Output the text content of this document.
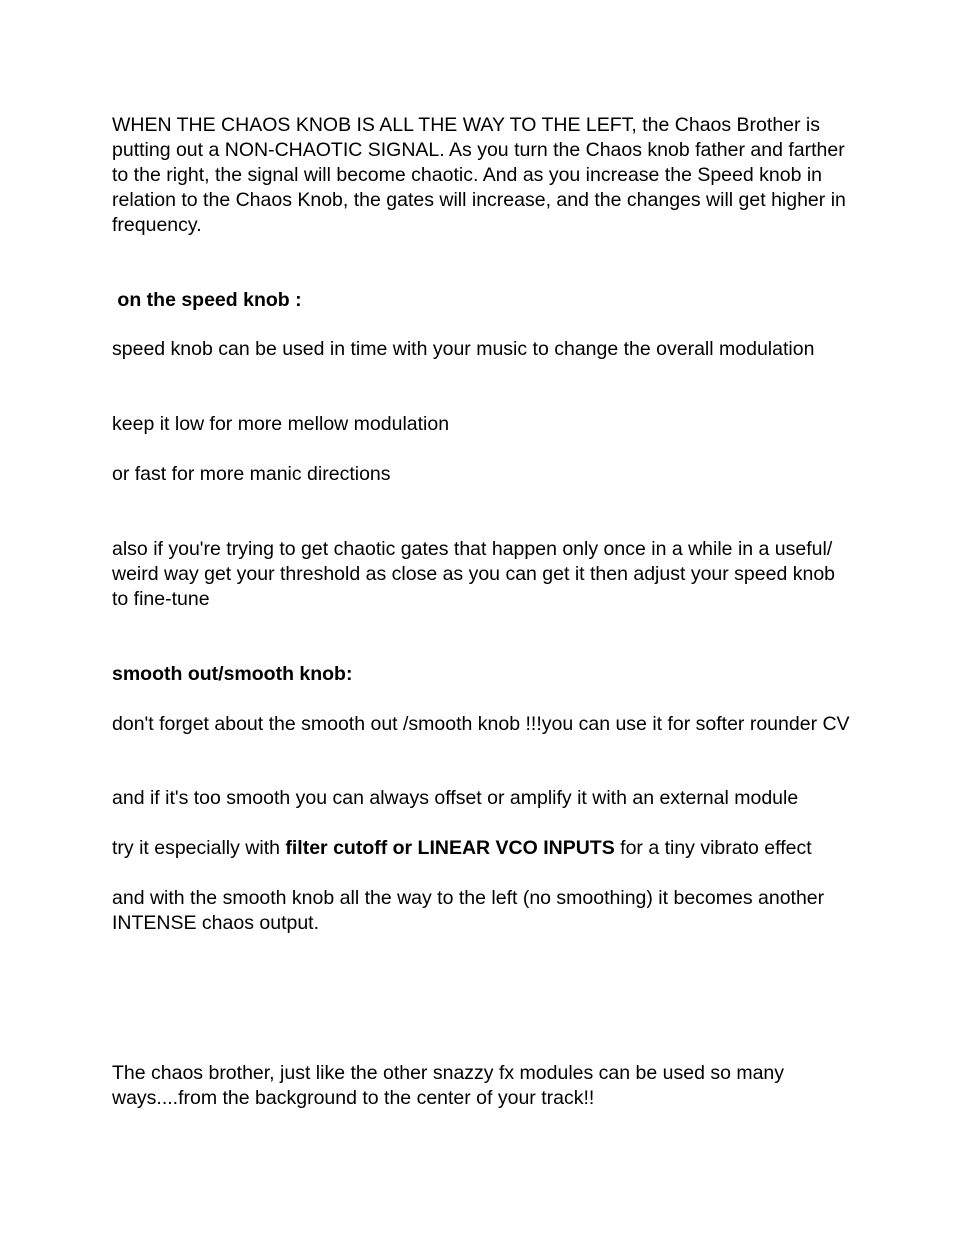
WHEN THE CHAOS KNOB IS ALL THE WAY TO THE LEFT, the Chaos Brother is putting out a NON-CHAOTIC SIGNAL. As you turn the Chaos knob father and farther to the right, the signal will become chaotic. And as you increase the Speed knob in relation to the Chaos Knob, the gates will increase, and the changes will get higher in frequency.

on the speed knob :

speed knob can be used in time with your music to change the overall modulation

keep it low for more mellow modulation

or fast for more manic directions

also if you're trying to get chaotic gates that happen only once in a while in a useful/ weird way get your threshold as close as you can get it then adjust your speed knob to fine-tune

smooth out/smooth knob:

don't forget about the smooth out /smooth knob !!!you can use it for softer rounder CV

and if it's too smooth you can always offset or amplify it with an external module

try it especially with filter cutoff or LINEAR VCO INPUTS for a tiny vibrato effect

and with the smooth knob all the way to the left (no smoothing) it becomes another INTENSE chaos output.

The chaos brother, just like the other snazzy fx modules can be used so many ways....from the background to the center of your track!!
